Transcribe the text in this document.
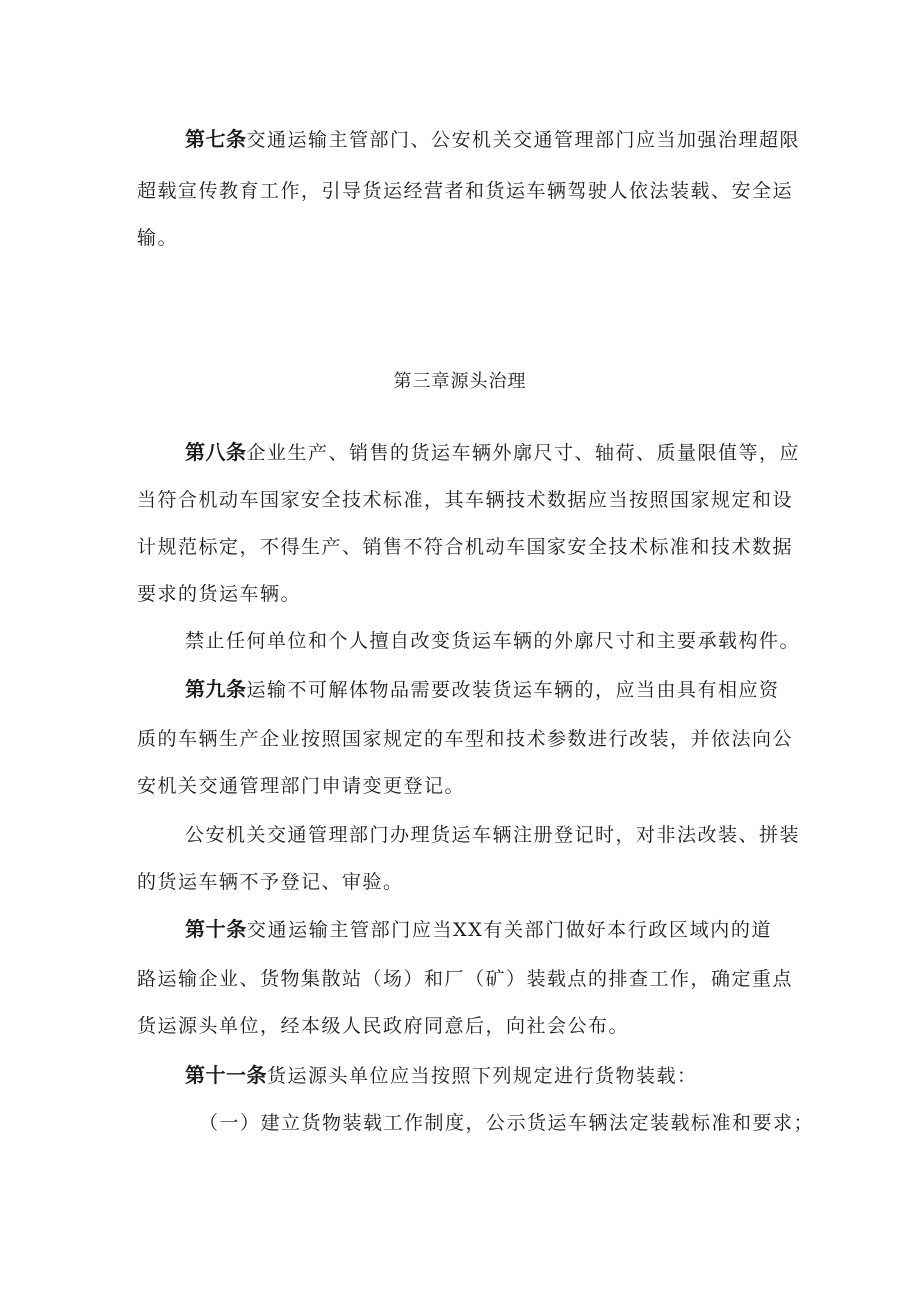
第七条交通运输主管部门、公安机关交通管理部门应当加强治理超限
超载宣传教育工作，引导货运经营者和货运车辆驾驶人依法装载、安全运
输。
第三章源头治理
第八条企业生产、销售的货运车辆外廓尺寸、轴荷、质量限值等，应
当符合机动车国家安全技术标准，其车辆技术数据应当按照国家规定和设
计规范标定，不得生产、销售不符合机动车国家安全技术标准和技术数据
要求的货运车辆。
禁止任何单位和个人擅自改变货运车辆的外廓尺寸和主要承载构件。
第九条运输不可解体物品需要改装货运车辆的，应当由具有相应资
质的车辆生产企业按照国家规定的车型和技术参数进行改装，并依法向公
安机关交通管理部门申请变更登记。
公安机关交通管理部门办理货运车辆注册登记时，对非法改装、拼装
的货运车辆不予登记、审验。
第十条交通运输主管部门应当XX有关部门做好本行政区域内的道
路运输企业、货物集散站（场）和厂（矿）装载点的排查工作，确定重点
货运源头单位，经本级人民政府同意后，向社会公布。
第十一条货运源头单位应当按照下列规定进行货物装载：
（一）建立货物装载工作制度，公示货运车辆法定装载标准和要求；
